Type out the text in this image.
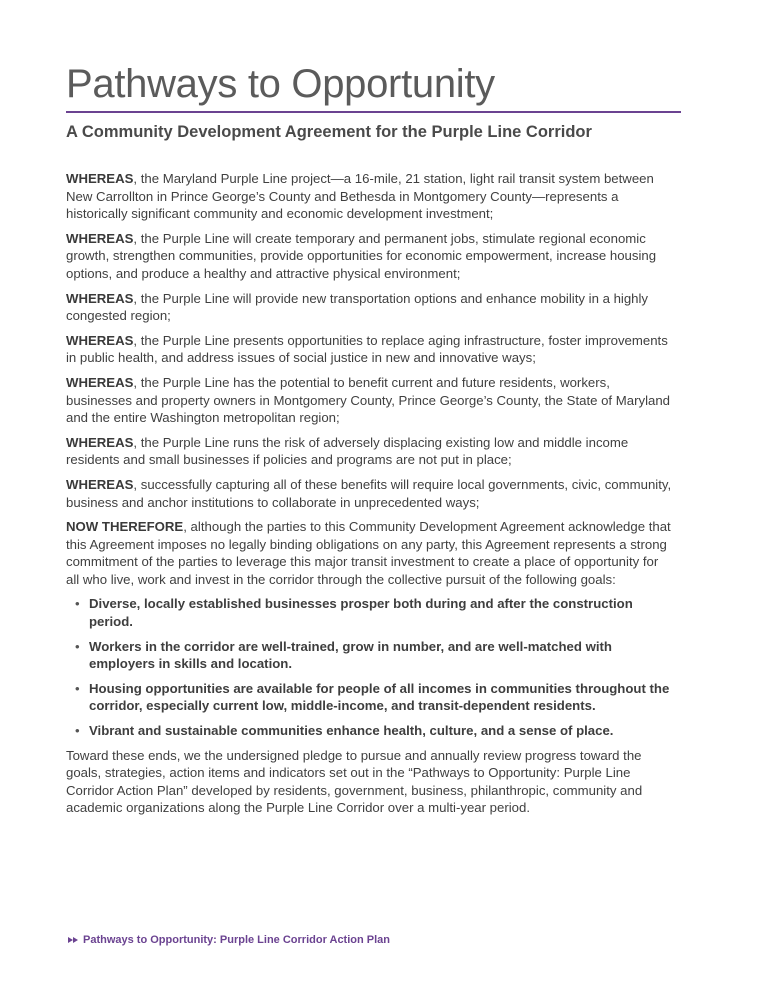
Pathways to Opportunity
A Community Development Agreement for the Purple Line Corridor

WHEREAS, the Maryland Purple Line project—a 16-mile, 21 station, light rail transit system between New Carrollton in Prince George’s County and Bethesda in Montgomery County—represents a historically significant community and economic development investment;

WHEREAS, the Purple Line will create temporary and permanent jobs, stimulate regional economic growth, strengthen communities, provide opportunities for economic empowerment, increase housing options, and produce a healthy and attractive physical environment;

WHEREAS, the Purple Line will provide new transportation options and enhance mobility in a highly congested region;

WHEREAS, the Purple Line presents opportunities to replace aging infrastructure, foster improvements in public health, and address issues of social justice in new and innovative ways;

WHEREAS, the Purple Line has the potential to benefit current and future residents, workers, businesses and property owners in Montgomery County, Prince George’s County, the State of Maryland and the entire Washington metropolitan region;

WHEREAS, the Purple Line runs the risk of adversely displacing existing low and middle income residents and small businesses if policies and programs are not put in place;

WHEREAS, successfully capturing all of these benefits will require local governments, civic, community, business and anchor institutions to collaborate in unprecedented ways;

NOW THEREFORE, although the parties to this Community Development Agreement acknowledge that this Agreement imposes no legally binding obligations on any party, this Agreement represents a strong commitment of the parties to leverage this major transit investment to create a place of opportunity for all who live, work and invest in the corridor through the collective pursuit of the following goals:

• Diverse, locally established businesses prosper both during and after the construction period.
• Workers in the corridor are well-trained, grow in number, and are well-matched with employers in skills and location.
• Housing opportunities are available for people of all incomes in communities throughout the corridor, especially current low, middle-income, and transit-dependent residents.
• Vibrant and sustainable communities enhance health, culture, and a sense of place.

Toward these ends, we the undersigned pledge to pursue and annually review progress toward the goals, strategies, action items and indicators set out in the “Pathways to Opportunity: Purple Line Corridor Action Plan” developed by residents, government, business, philanthropic, community and academic organizations along the Purple Line Corridor over a multi-year period.

Pathways to Opportunity: Purple Line Corridor Action Plan
